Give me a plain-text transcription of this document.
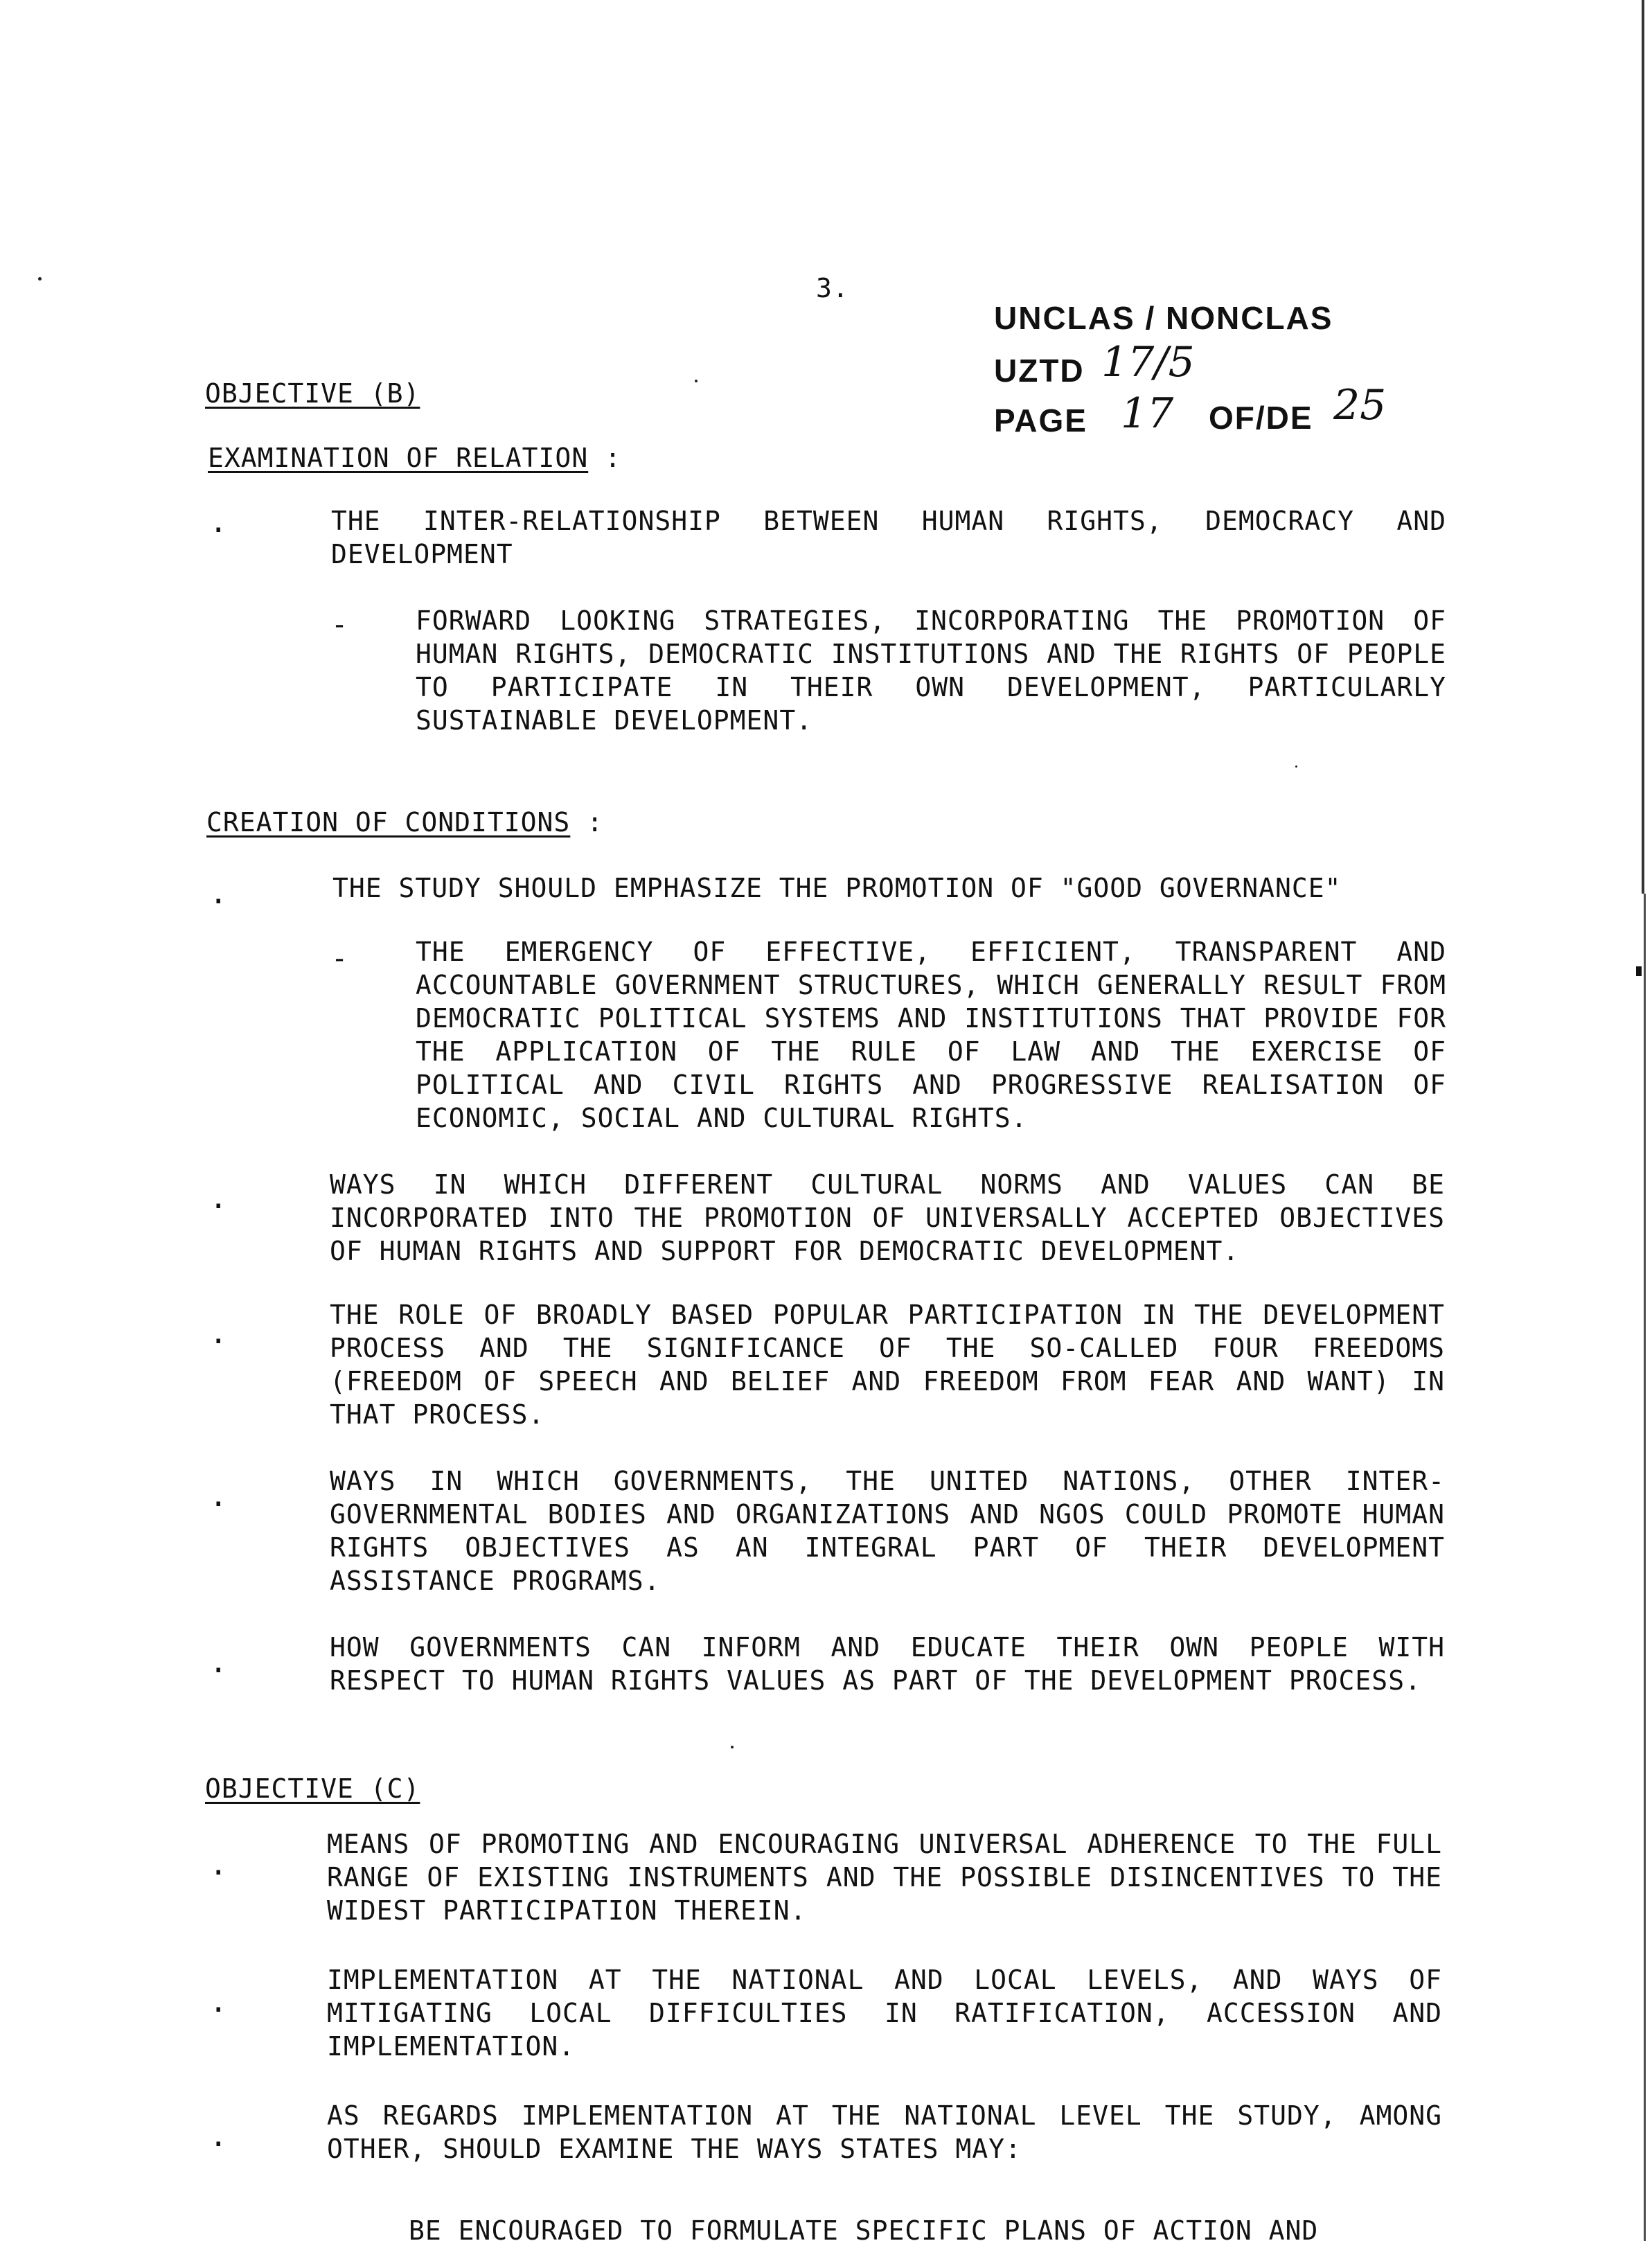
3.
UNCLAS / NONCLAS
UZTD 17/5
PAGE 17 OF/DE 25
OBJECTIVE (B)
EXAMINATION OF RELATION :
.	THE INTER-RELATIONSHIP BETWEEN HUMAN RIGHTS, DEMOCRACY AND DEVELOPMENT
-	FORWARD LOOKING STRATEGIES, INCORPORATING THE PROMOTION OF HUMAN RIGHTS, DEMOCRATIC INSTITUTIONS AND THE RIGHTS OF PEOPLE TO PARTICIPATE IN THEIR OWN DEVELOPMENT, PARTICULARLY SUSTAINABLE DEVELOPMENT.
CREATION OF CONDITIONS :
.	THE STUDY SHOULD EMPHASIZE THE PROMOTION OF "GOOD GOVERNANCE"
-	THE EMERGENCY OF EFFECTIVE, EFFICIENT, TRANSPARENT AND ACCOUNTABLE GOVERNMENT STRUCTURES, WHICH GENERALLY RESULT FROM DEMOCRATIC POLITICAL SYSTEMS AND INSTITUTIONS THAT PROVIDE FOR THE APPLICATION OF THE RULE OF LAW AND THE EXERCISE OF POLITICAL AND CIVIL RIGHTS AND PROGRESSIVE REALISATION OF ECONOMIC, SOCIAL AND CULTURAL RIGHTS.
.	WAYS IN WHICH DIFFERENT CULTURAL NORMS AND VALUES CAN BE INCORPORATED INTO THE PROMOTION OF UNIVERSALLY ACCEPTED OBJECTIVES OF HUMAN RIGHTS AND SUPPORT FOR DEMOCRATIC DEVELOPMENT.
.
THE ROLE OF BROADLY BASED POPULAR PARTICIPATION IN THE DEVELOPMENT PROCESS AND THE SIGNIFICANCE OF THE SO-CALLED FOUR FREEDOMS (FREEDOM OF SPEECH AND BELIEF AND FREEDOM FROM FEAR AND WANT) IN THAT PROCESS.
.	WAYS IN WHICH GOVERNMENTS, THE UNITED NATIONS, OTHER INTER-GOVERNMENTAL BODIES AND ORGANIZATIONS AND NGOS COULD PROMOTE HUMAN RIGHTS OBJECTIVES AS AN INTEGRAL PART OF THEIR DEVELOPMENT ASSISTANCE PROGRAMS.
.	HOW GOVERNMENTS CAN INFORM AND EDUCATE THEIR OWN PEOPLE WITH RESPECT TO HUMAN RIGHTS VALUES AS PART OF THE DEVELOPMENT PROCESS.
OBJECTIVE (C)
.
MEANS OF PROMOTING AND ENCOURAGING UNIVERSAL ADHERENCE TO THE FULL RANGE OF EXISTING INSTRUMENTS AND THE POSSIBLE DISINCENTIVES TO THE WIDEST PARTICIPATION THEREIN.
.
IMPLEMENTATION AT THE NATIONAL AND LOCAL LEVELS, AND WAYS OF MITIGATING LOCAL DIFFICULTIES IN RATIFICATION, ACCESSION AND IMPLEMENTATION.
.
AS REGARDS IMPLEMENTATION AT THE NATIONAL LEVEL THE STUDY, AMONG OTHER, SHOULD EXAMINE THE WAYS STATES MAY:
BE ENCOURAGED TO FORMULATE SPECIFIC PLANS OF ACTION AND
